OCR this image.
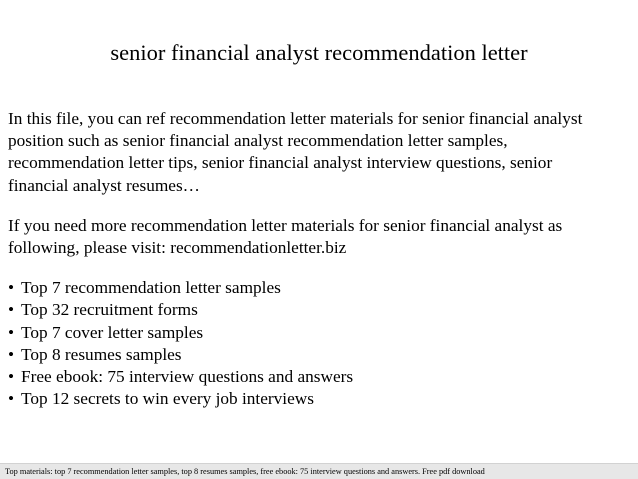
senior financial analyst recommendation letter

In this file, you can ref recommendation letter materials for senior financial analyst
position such as senior financial analyst recommendation letter samples,
recommendation letter tips, senior financial analyst interview questions, senior
financial analyst resumes…

If you need more recommendation letter materials for senior financial analyst as
following, please visit: recommendationletter.biz

• Top 7 recommendation letter samples
• Top 32 recruitment forms
• Top 7 cover letter samples
• Top 8 resumes samples
• Free ebook: 75 interview questions and answers
• Top 12 secrets to win every job interviews
Top materials: top 7 recommendation letter samples, top 8 resumes samples, free ebook: 75 interview questions and answers. Free pdf download
